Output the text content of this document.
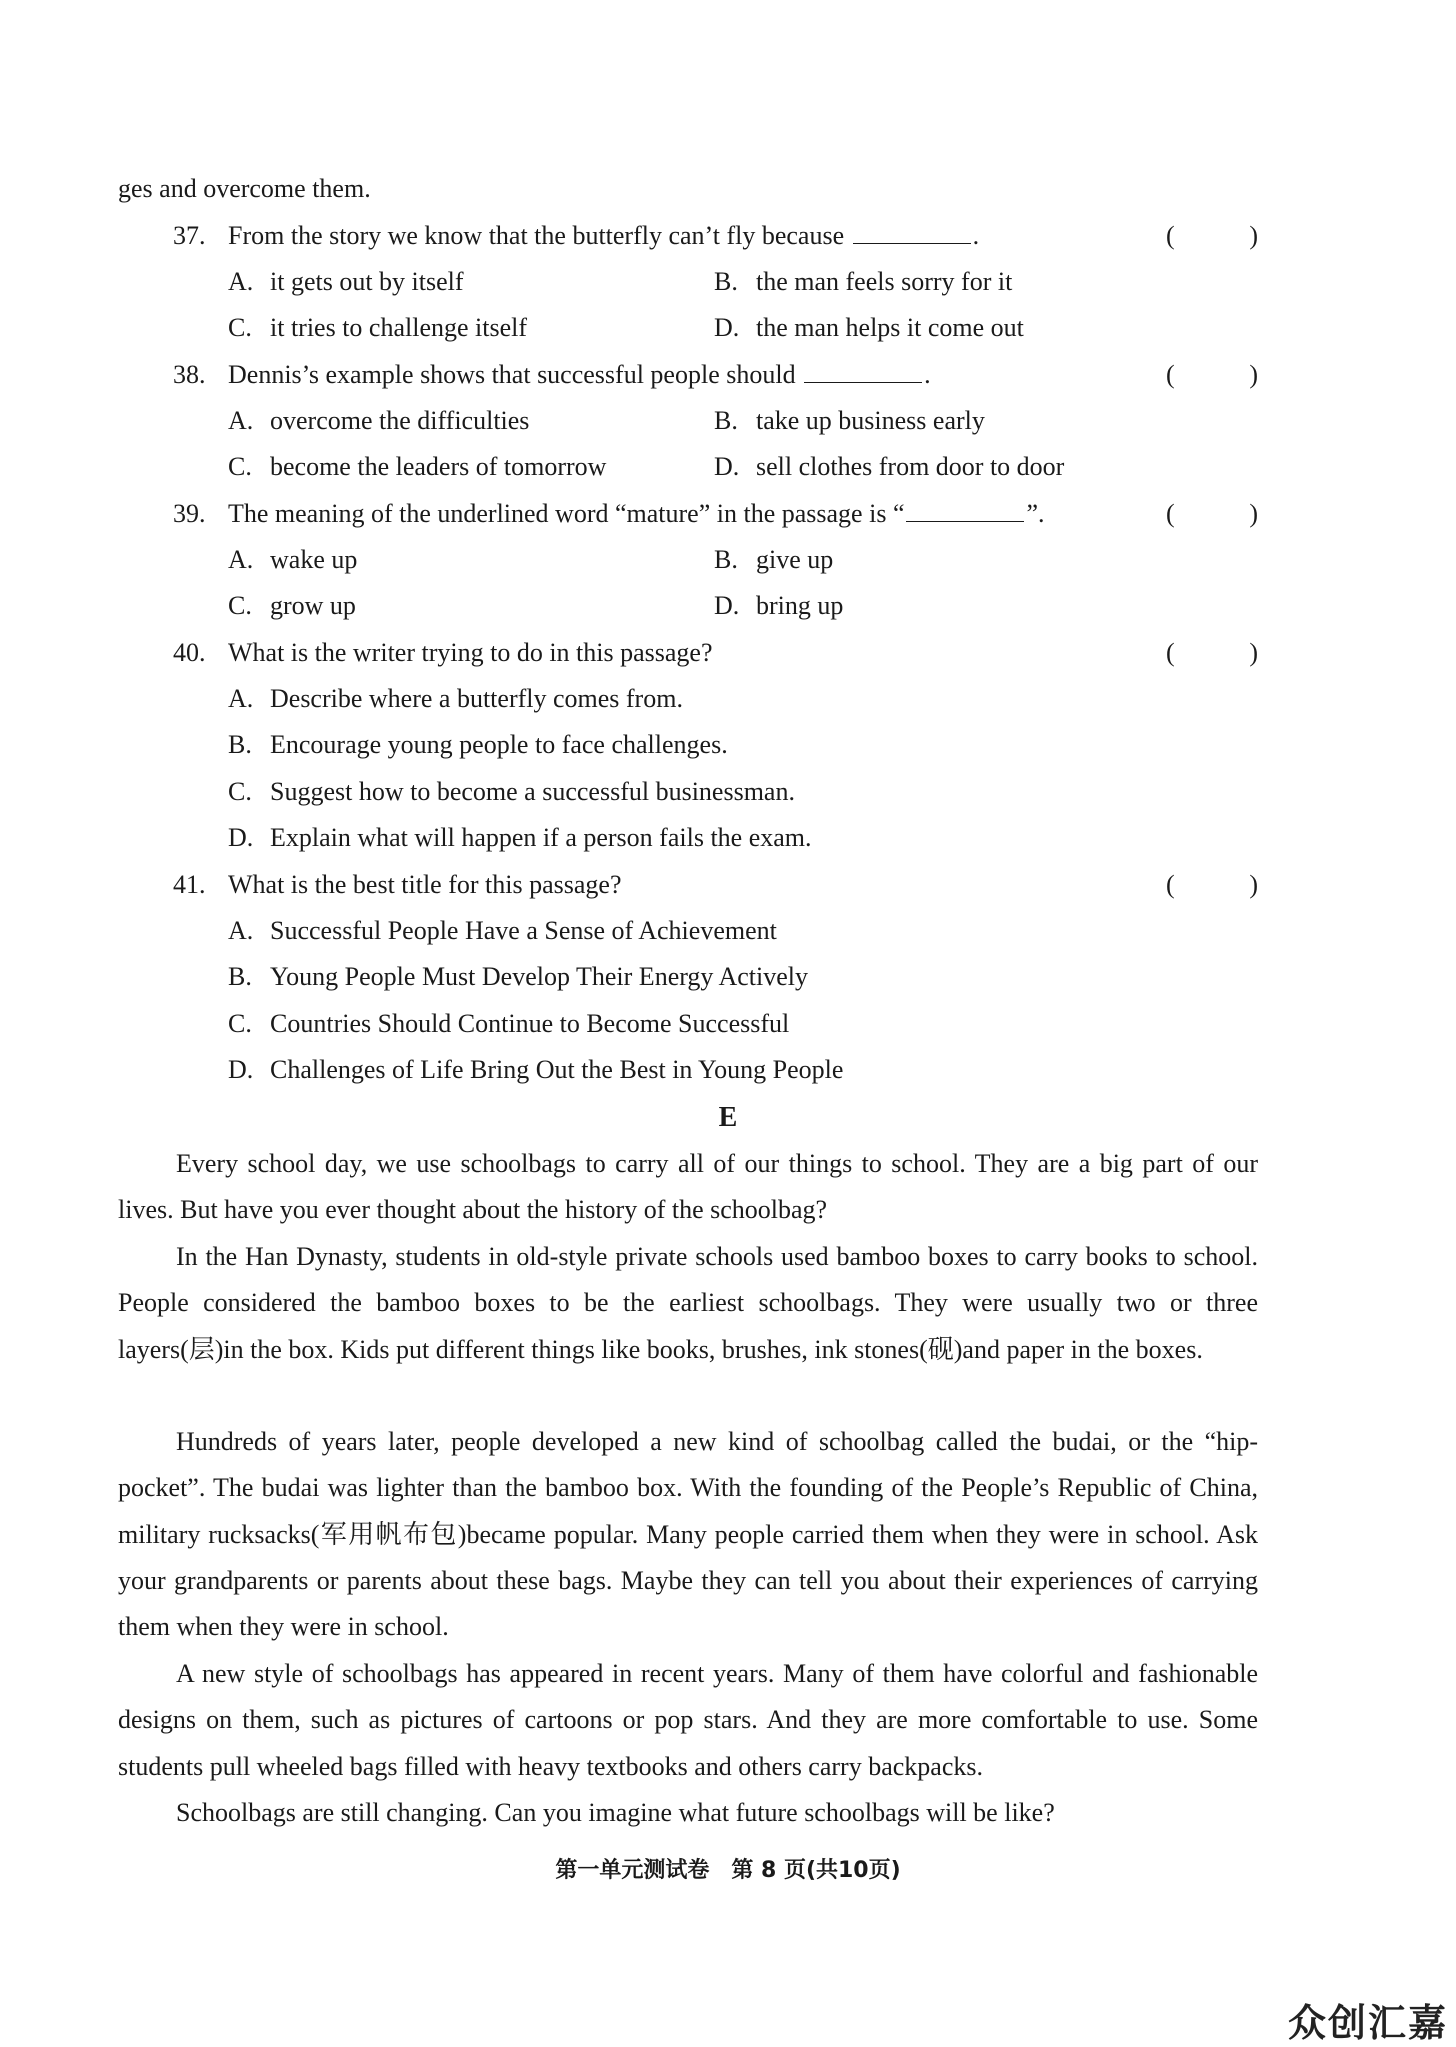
ges and overcome them.
37. From the story we know that the butterfly can’t fly because	.	(	)
A. it gets out by itself	B. the man feels sorry for it
C. it tries to challenge itself	D. the man helps it come out
38. Dennis’s example shows that successful people should	.	(	)
A. overcome the difficulties	B. take up business early
C. become the leaders of tomorrow	D. sell clothes from door to door
39. The meaning of the underlined word “mature” in the passage is “	”.	(	)
A. wake up	B. give up
C. grow up	D. bring up
40. What is the writer trying to do in this passage?	(	)
A. Describe where a butterfly comes from.
B. Encourage young people to face challenges.
C. Suggest how to become a successful businessman.
D. Explain what will happen if a person fails the exam.
41. What is the best title for this passage?	(	)
A. Successful People Have a Sense of Achievement
B. Young People Must Develop Their Energy Actively
C. Countries Should Continue to Become Successful
D. Challenges of Life Bring Out the Best in Young People
E

Every school day, we use schoolbags to carry all of our things to school. They are a big part of our lives. But have you ever thought about the history of the schoolbag?

In the Han Dynasty, students in old-style private schools used bamboo boxes to carry books to school. People considered the bamboo boxes to be the earliest schoolbags. They were usually two or three layers(层)in the box. Kids put different things like books, brushes, ink stones(砚)and paper in the boxes.

Hundreds of years later, people developed a new kind of schoolbag called the budai, or the “hip-pocket”. The budai was lighter than the bamboo box. With the founding of the People’s Republic of China, military rucksacks(军用帆布包)became popular. Many people carried them when they were in school. Ask your grandparents or parents about these bags. Maybe they can tell you about their experiences of carrying them when they were in school.

A new style of schoolbags has appeared in recent years. Many of them have colorful and fashionable designs on them, such as pictures of cartoons or pop stars. And they are more comfortable to use. Some students pull wheeled bags filled with heavy textbooks and others carry backpacks.

Schoolbags are still changing. Can you imagine what future schoolbags will be like?

第一单元测试卷　第 8 页(共10页)
众创汇嘉
